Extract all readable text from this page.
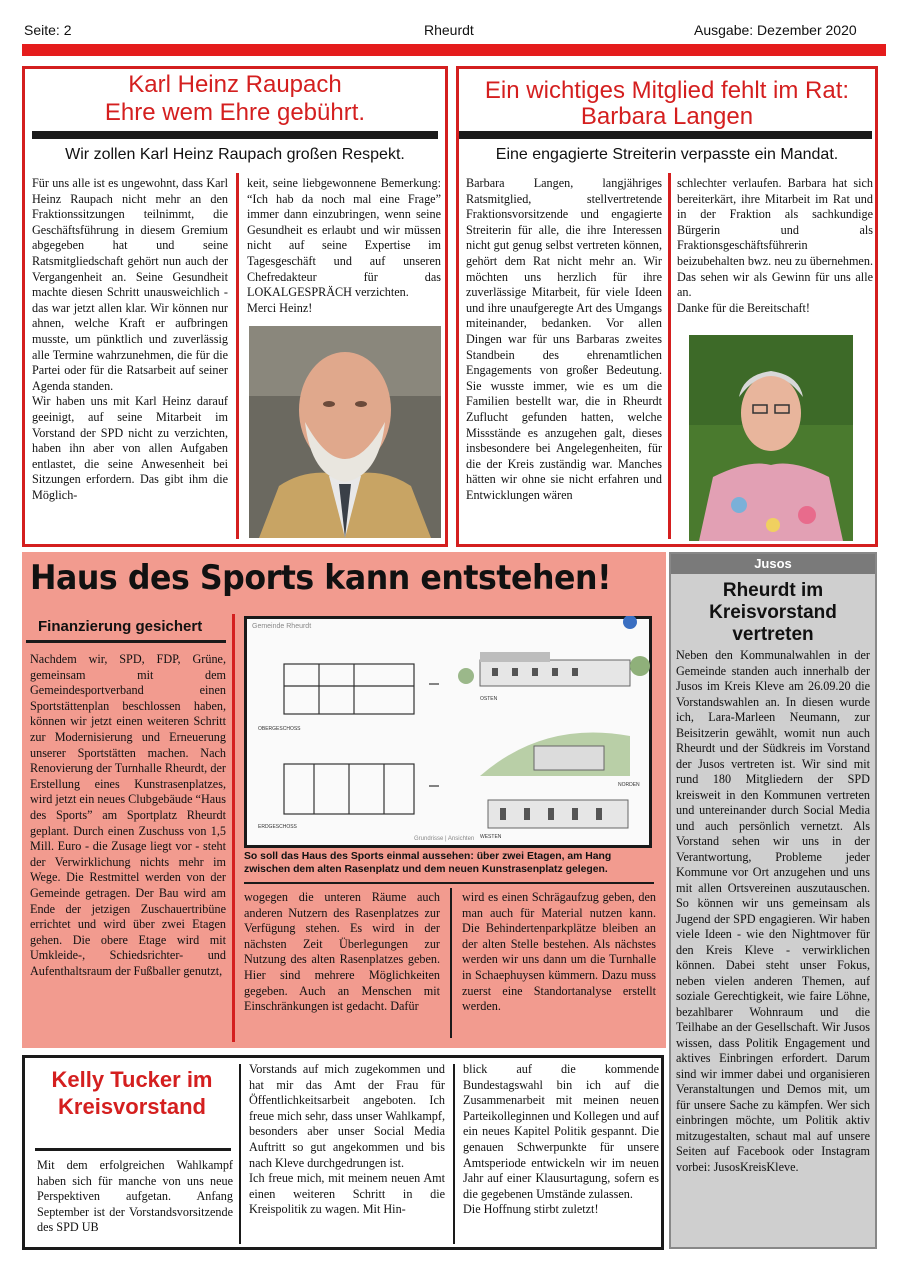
Seite: 2	Rheurdt	Ausgabe: Dezember 2020
Karl Heinz Raupach
Ehre wem Ehre gebührt.
Wir zollen Karl Heinz Raupach großen Respekt.
Für uns alle ist es ungewohnt, dass Karl Heinz Raupach nicht mehr an den Fraktionssitzungen teilnimmt, die Geschäftsführung in diesem Gremium abgegeben hat und seine Ratsmitgliedschaft gehört nun auch der Vergangenheit an. Seine Gesundheit machte diesen Schritt unausweichlich - das war jetzt allen klar. Wir können nur ahnen, welche Kraft er aufbringen musste, um pünktlich und zuverlässig alle Termine wahrzunehmen, die für die Partei oder für die Ratsarbeit auf seiner Agenda standen.
Wir haben uns mit Karl Heinz darauf geeinigt, auf seine Mitarbeit im Vorstand der SPD nicht zu verzichten, haben ihn aber von allen Aufgaben entlastet, die seine Anwesenheit bei Sitzungen erfordern. Das gibt ihm die Möglich-
keit, seine liebgewonnene Bemerkung: “Ich hab da noch mal eine Frage” immer dann einzubringen, wenn seine Gesundheit es erlaubt und wir müssen nicht auf seine Expertise im Tagesgeschäft und auf unseren Chefredakteur für das LOKALGESPRÄCH verzichten.
Merci Heinz!
Ein wichtiges Mitglied fehlt im Rat:
Barbara Langen
Eine engagierte Streiterin verpasste ein Mandat.
Barbara Langen, langjähriges Ratsmitglied, stellvertretende Fraktionsvorsitzende und engagierte Streiterin für alle, die ihre Interessen nicht gut genug selbst vertreten können, gehört dem Rat nicht mehr an. Wir möchten uns herzlich für ihre zuverlässige Mitarbeit, für viele Ideen und ihre unaufgeregte Art des Umgangs miteinander, bedanken. Vor allen Dingen war für uns Barbaras zweites Standbein des ehrenamtlichen Engagements von großer Bedeutung. Sie wusste immer, wie es um die Familien bestellt war, die in Rheurdt Zuflucht gefunden hatten, welche Missstände es anzugehen galt, dieses insbesondere bei Angelegenheiten, für die der Kreis zuständig war. Manches hätten wir ohne sie nicht erfahren und Entwicklungen wären
schlechter verlaufen. Barbara hat sich bereiterkärt, ihre Mitarbeit im Rat und in der Fraktion als sachkundige Bürgerin und als Fraktionsgeschäftsführerin beizubehalten bwz. neu zu übernehmen. Das sehen wir als Gewinn für uns alle an.
Danke für die Bereitschaft!
Haus des Sports kann entstehen!
Finanzierung gesichert
Nachdem wir, SPD, FDP, Grüne, gemeinsam mit dem Gemeindesportverband einen Sportstättenplan beschlossen haben, können wir jetzt einen weiteren Schritt zur Modernisierung und Erneuerung unserer Sportstätten machen. Nach Renovierung der Turnhalle Rheurdt, der Erstellung eines Kunstrasenplatzes, wird jetzt ein neues Clubgebäude “Haus des Sports” am Sportplatz Rheurdt geplant. Durch einen Zuschuss von 1,5 Mill. Euro - die Zusage liegt vor - steht der Verwirklichung nichts mehr im Wege. Die Restmittel werden von der Gemeinde getragen. Der Bau wird am Ende der jetzigen Zuschauertribüne errichtet und wird über zwei Etagen gehen. Die obere Etage wird mit Umkleide-, Schiedsrichter- und Aufenthaltsraum der Fußballer genutzt,
Gemeinde Rheurdt
OBERGESCHOSS
ERDGESCHOSS
OSTEN
NORDEN
WESTEN
Grundrisse | Ansichten
So soll das Haus des Sports einmal aussehen: über zwei Etagen, am Hang zwischen dem alten Rasenplatz und dem neuen Kunstrasenplatz gelegen.
wogegen die unteren Räume auch anderen Nutzern des Rasenplatzes zur Verfügung stehen. Es wird in der nächsten Zeit Überlegungen zur Nutzung des alten Rasenplatzes geben. Hier sind mehrere Möglichkeiten gegeben. Auch an Menschen mit Einschränkungen ist gedacht. Dafür
wird es einen Schrägaufzug geben, den man auch für Material nutzen kann. Die Behindertenparkplätze bleiben an der alten Stelle bestehen. Als nächstes werden wir uns dann um die Turnhalle in Schaephuysen kümmern. Dazu muss zuerst eine Standortanalyse erstellt werden.
Kelly Tucker im Kreisvorstand
Mit dem erfolgreichen Wahlkampf haben sich für manche von uns neue Perspektiven aufgetan. Anfang September ist der Vorstandsvorsitzende des SPD UB
Vorstands auf mich zugekommen und hat mir das Amt der Frau für Öffentlichkeitsarbeit angeboten. Ich freue mich sehr, dass unser Wahlkampf, besonders aber unser Social Media Auftritt so gut angekommen und bis nach Kleve durchgedrungen ist.
Ich freue mich, mit meinem neuen Amt einen weiteren Schritt in die Kreispolitik zu wagen. Mit Hin-
blick auf die kommende Bundestagswahl bin ich auf die Zusammenarbeit mit meinen neuen Parteikolleginnen und Kollegen und auf ein neues Kapitel Politik gespannt. Die genauen Schwerpunkte für unsere Amtsperiode entwickeln wir im neuen Jahr auf einer Klausurtagung, sofern es die gegebenen Umstände zulassen.
Die Hoffnung stirbt zuletzt!
Jusos
Rheurdt im Kreisvorstand vertreten
Neben den Kommunalwahlen in der Gemeinde standen auch innerhalb der Jusos im Kreis Kleve am 26.09.20 die Vorstandswahlen an. In diesen wurde ich, Lara-Marleen Neumann, zur Beisitzerin gewählt, womit nun auch Rheurdt und der Südkreis im Vorstand der Jusos vertreten ist. Wir sind mit rund 180 Mitgliedern der SPD kreisweit in den Kommunen vertreten und untereinander durch Social Media und auch persönlich vernetzt. Als Vorstand sehen wir uns in der Verantwortung, Probleme jeder Kommune vor Ort anzugehen und uns mit allen Ortsvereinen auszutauschen. So können wir uns gemeinsam als Jugend der SPD engagieren. Wir haben viele Ideen - wie den Nightmover für den Kreis Kleve - verwirklichen können. Dabei steht unser Fokus, neben vielen anderen Themen, auf soziale Gerechtigkeit, wie faire Löhne, bezahlbarer Wohnraum und die Teilhabe an der Gesellschaft. Wir Jusos wissen, dass Politik Engagement und aktives Einbringen erfordert. Darum sind wir immer dabei und organisieren Veranstaltungen und Demos mit, um für unsere Sache zu kämpfen. Wer sich einbringen möchte, um Politik aktiv mitzugestalten, schaut mal auf unsere Seiten auf Facebook oder Instagram vorbei: JusosKreisKleve.
